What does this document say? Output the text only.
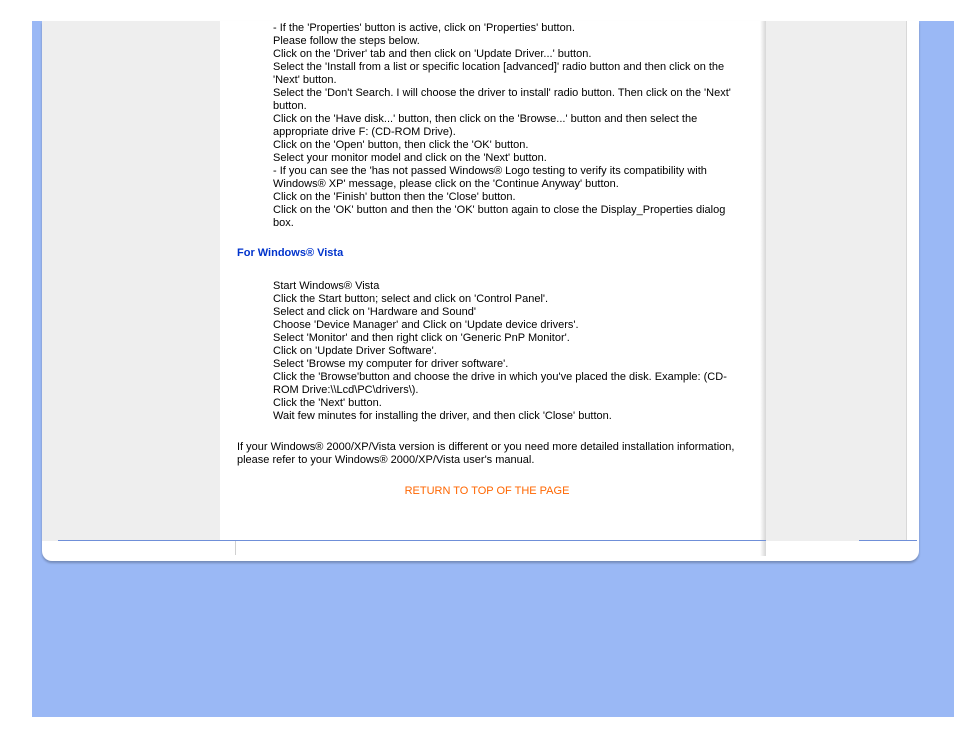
- If the 'Properties' button is active, click on 'Properties' button.

Please follow the steps below.

Click on the 'Driver' tab and then click on 'Update Driver...' button.

Select the 'Install from a list or specific location [advanced]' radio button and then click on the 'Next' button.

Select the 'Don't Search. I will choose the driver to install' radio button. Then click on the 'Next' button.

Click on the 'Have disk...' button, then click on the 'Browse...' button and then select the appropriate drive F: (CD-ROM Drive).

Click on the 'Open' button, then click the 'OK' button.

Select your monitor model and click on the 'Next' button.

- If you can see the 'has not passed Windows® Logo testing to verify its compatibility with Windows® XP' message, please click on the 'Continue Anyway' button.

Click on the 'Finish' button then the 'Close' button.

Click on the 'OK' button and then the 'OK' button again to close the Display_Properties dialog box.

For Windows® Vista

Start Windows® Vista

Click the Start button; select and click on 'Control Panel'.

Select and click on 'Hardware and Sound'

Choose 'Device Manager' and Click on 'Update device drivers'.

Select 'Monitor' and then right click on 'Generic PnP Monitor'.

Click on 'Update Driver Software'.

Select 'Browse my computer for driver software'.

Click the 'Browse'button and choose the drive in which you've placed the disk. Example: (CD-ROM Drive:\\Lcd\PC\drivers\).

Click the 'Next' button.

Wait few minutes for installing the driver, and then click 'Close' button.

If your Windows® 2000/XP/Vista version is different or you need more detailed installation information, please refer to your Windows® 2000/XP/Vista user's manual.

RETURN TO TOP OF THE PAGE
